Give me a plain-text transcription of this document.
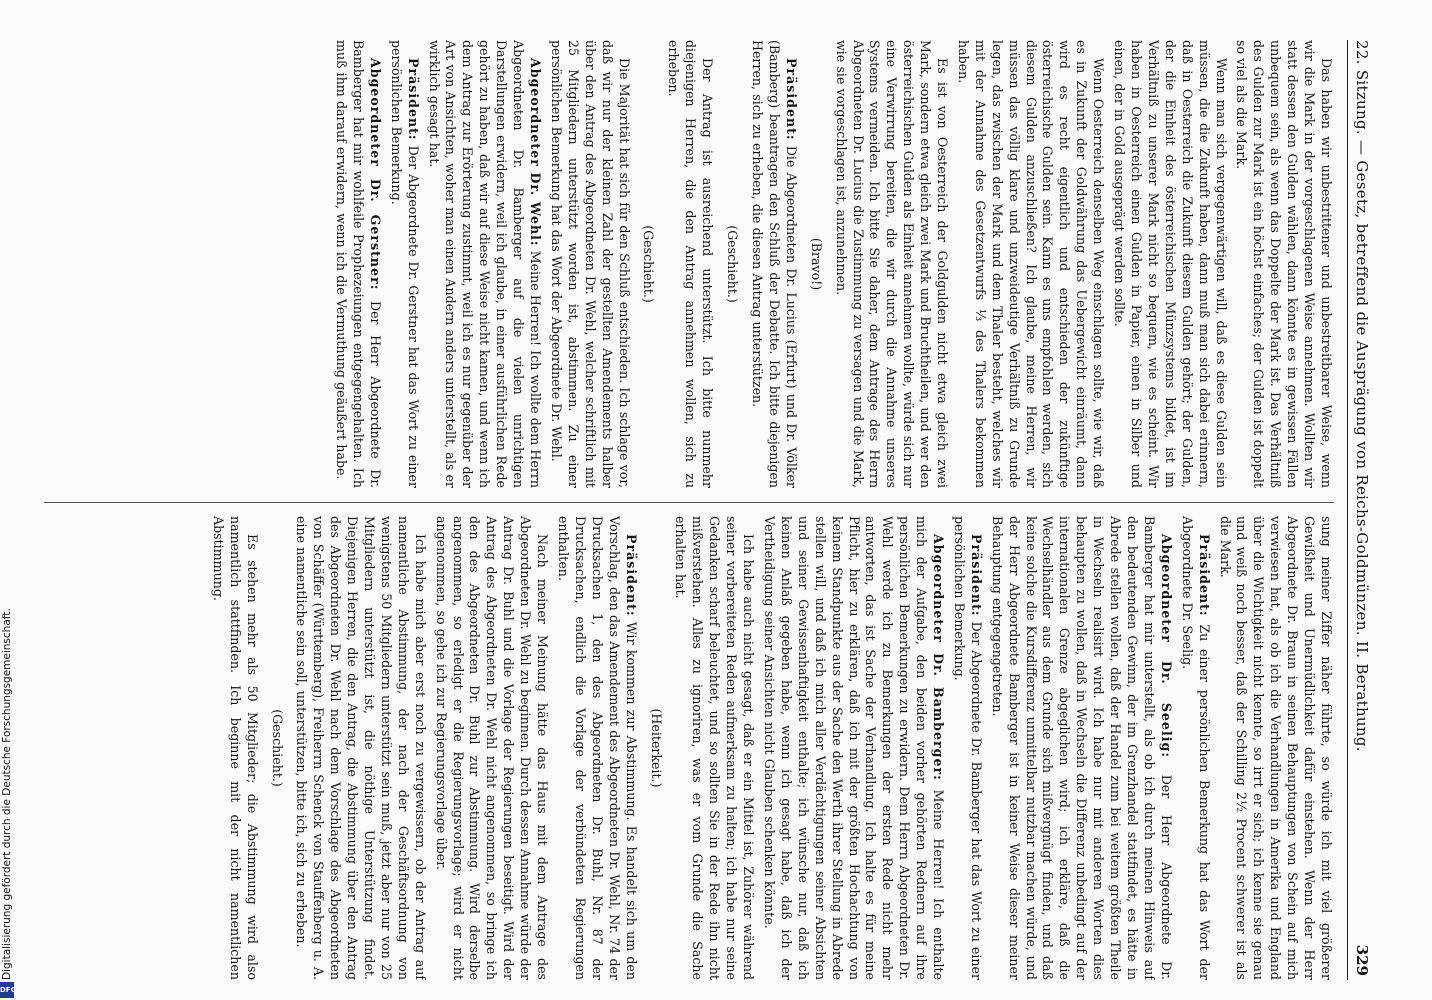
22. Sitzung. — Gesetz, betreffend die Ausprägung von Reichs-Goldmünzen. II. Berathung.
329

Das haben wir unbestrittener und unbestreitbarer Weise, wenn wir die Mark in der vorgeschlagenen Weise annehmen. Wollten wir statt dessen den Gulden wählen, dann könnte es in gewissen Fällen unbequem sein, als wenn das Doppelte der Mark ist. Das Verhältniß des Gulden zur Mark ist ein höchst einfaches; der Gulden ist doppelt so viel als die Mark.

Wenn man sich vergegenwärtigen will, daß es diese Gulden sein müssen, die die Zukunft haben, dann muß man sich dabei erinnern, daß in Oesterreich die Zukunft diesem Gulden gehört; der Gulden, der die Einheit des österreichischen Münzsystems bildet, ist im Verhältniß zu unserer Mark nicht so bequem, wie es scheint. Wir haben in Oesterreich einen Gulden in Papier, einen in Silber und einen, der in Gold ausgeprägt werden sollte.

Wenn Oesterreich denselben Weg einschlagen sollte, wie wir, daß es in Zukunft der Goldwährung das Uebergewicht einräumt, dann wird es recht eigentlich und entschieden der zukünftige österreichische Gulden sein. Kann es uns empfohlen werden, sich diesem Gulden anzuschließen? Ich glaube, meine Herren, wir müssen das völlig klare und unzweideutige Verhältniß zu Grunde legen, das zwischen der Mark und dem Thaler besteht, welches wir mit der Annahme des Gesetzentwurfs ⅓ des Thalers bekommen haben.

Es ist von Oesterreich der Goldgulden nicht etwa gleich zwei Mark, sondern etwa gleich zwei Mark und Bruchtheilen, und wer den österreichischen Gulden als Einheit annehmen wollte, würde sich nur eine Verwirrung bereiten, die wir durch die Annahme unseres Systems vermeiden. Ich bitte Sie daher, dem Antrage des Herrn Abgeordneten Dr. Lucius die Zustimmung zu versagen und die Mark, wie sie vorgeschlagen ist, anzunehmen.

(Bravo!)

Präsident: Die Abgeordneten Dr. Lucius (Erfurt) und Dr. Völker (Bamberg) beantragen den Schluß der Debatte. Ich bitte diejenigen Herren, sich zu erheben, die diesen Antrag unterstützen.

(Geschieht.)

Der Antrag ist ausreichend unterstützt. Ich bitte nunmehr diejenigen Herren, die den Antrag annehmen wollen, sich zu erheben.

(Geschieht.)

Die Majorität hat sich für den Schluß entschieden. Ich schlage vor, daß wir nur der kleinen Zahl der gestellten Amendements halber über den Antrag des Abgeordneten Dr. Wehl, welcher schriftlich mit 25 Mitgliedern unterstützt worden ist, abstimmen. Zu einer persönlichen Bemerkung hat das Wort der Abgeordnete Dr. Wehl.

Abgeordneter Dr. Wehl: Meine Herren! Ich wollte dem Herrn Abgeordneten Dr. Bamberger auf die vielen unrichtigen Darstellungen erwidern, weil ich glaube, in einer ausführlichen Rede gehört zu haben, daß wir auf diese Weise nicht kamen, und wenn ich dem Antrag zur Erörterung zustimmt, weil ich es nur gegenüber der Art von Ansichten, woher man einen Andern anders unterstellt, als er wirklich gesagt hat.

Präsident: Der Abgeordnete Dr. Gerstner hat das Wort zu einer persönlichen Bemerkung.

Abgeordneter Dr. Gerstner: Der Herr Abgeordnete Dr. Bamberger hat mir wohlfeile Prophezeiungen entgegengehalten. Ich muß ihm darauf erwidern, wenn ich die Vermuthung geäußert habe.

sung meiner Ziffer näher führte, so würde ich mit viel größerer Gewißheit und Unermüdlichkeit dafür einstehen. Wenn der Herr Abgeordnete Dr. Braun in seinen Behauptungen von Schein auf mich verwiesen hat, als ob ich die Verhandlungen in Amerika und England über die Wichtigkeit nicht kennte, so irrt er sich; ich kenne sie genau und weiß noch besser, daß der Schilling 2½ Procent schwerer ist als die Mark.

Präsident: Zu einer persönlichen Bemerkung hat das Wort der Abgeordnete Dr. Seelig.

Abgeordneter Dr. Seelig: Der Herr Abgeordnete Dr. Bamberger hat mir unterstellt, als ob ich durch meinen Hinweis auf den bedeutenden Gewinn, der im Grenzhandel stattfindet, es hätte in Abrede stellen wollen, daß der Handel zum bei weitem größten Theile in Wechseln realisirt wird. Ich habe nur mit anderen Worten dies behaupten zu wollen, daß in Wechseln die Differenz unbedingt auf der internationalen Grenze abgeglichen wird; ich erkläre, daß die Wechselhändler aus dem Grunde sich mißvergnügt finden, und daß keine solche die Kursdifferenz unmittelbar nutzbar machen würde, und der Herr Abgeordnete Bamberger ist in keiner Weise dieser meiner Behauptung entgegengetreten.

Präsident: Der Abgeordnete Dr. Bamberger hat das Wort zu einer persönlichen Bemerkung.

Abgeordneter Dr. Bamberger: Meine Herren! Ich enthalte mich der Aufgabe, den beiden vorher gehörten Rednern auf ihre persönlichen Bemerkungen zu erwidern. Dem Herrn Abgeordneten Dr. Wehl werde ich zu Bemerkungen der ersten Rede nicht mehr antworten, das ist Sache der Verhandlung. Ich halte es für meine Pflicht, hier zu erklären, daß ich mit der größten Hochachtung von keinem Standpunkte aus der Sache den Werth ihrer Stellung in Abrede stellen will, und daß ich mich aller Verdächtigungen seiner Absichten und seiner Gewissenhaftigkeit enthalte; ich wünsche nur, daß ich keinen Anlaß gegeben habe, wenn ich gesagt habe, daß ich der Vertheidigung seiner Ansichten nicht Glauben schenken könnte.

Ich habe auch nicht gesagt, daß er ein Mittel ist, Zuhörer während seiner vorbereiteten Reden aufmerksam zu halten; ich habe nur seine Gedanken scharf beleuchtet, und so sollten Sie in der Rede ihn nicht mißverstehen. Alles zu ignoriren, was er vom Grunde die Sache erhalten hat.

(Heiterkeit.)

Präsident: Wir kommen zur Abstimmung. Es handelt sich um den Vorschlag, den das Amendement des Abgeordneten Dr. Wehl, Nr. 74 der Drucksachen 1, den des Abgeordneten Dr. Buhl, Nr. 87 der Drucksachen, endlich die Vorlage der verbündeten Regierungen enthalten.

Nach meiner Meinung hätte das Haus mit dem Antrage des Abgeordneten Dr. Wehl zu beginnen. Durch dessen Annahme würde der Antrag Dr. Buhl und die Vorlage der Regierungen beseitigt. Wird der Antrag des Abgeordneten Dr. Wehl nicht angenommen, so bringe ich den des Abgeordneten Dr. Buhl zur Abstimmung. Wird derselbe angenommen, so erledigt er die Regierungsvorlage; wird er nicht angenommen, so gehe ich zur Regierungsvorlage über.

Ich habe mich aber erst noch zu vergewissern, ob der Antrag auf namentliche Abstimmung, der nach der Geschäftsordnung von wenigstens 50 Mitgliedern unterstützt sein muß, jetzt aber nur von 25 Mitgliedern unterstützt ist, die nöthige Unterstützung findet. Diejenigen Herren, die den Antrag, die Abstimmung über den Antrag des Abgeordneten Dr. Wehl nach dem Vorschlage des Abgeordneten von Schäffer (Württemberg), Freiherrn Schenck von Stauffenberg u. A. eine namentliche sein soll, unterstützen, bitte ich, sich zu erheben.

(Geschieht.)

Es stehen mehr als 50 Mitglieder; die Abstimmung wird also namentlich stattfinden. Ich beginne mit der nicht namentlichen Abstimmung.

Digitalisierung gefördert durch die Deutsche Forschungsgemeinschaft.
DFG
